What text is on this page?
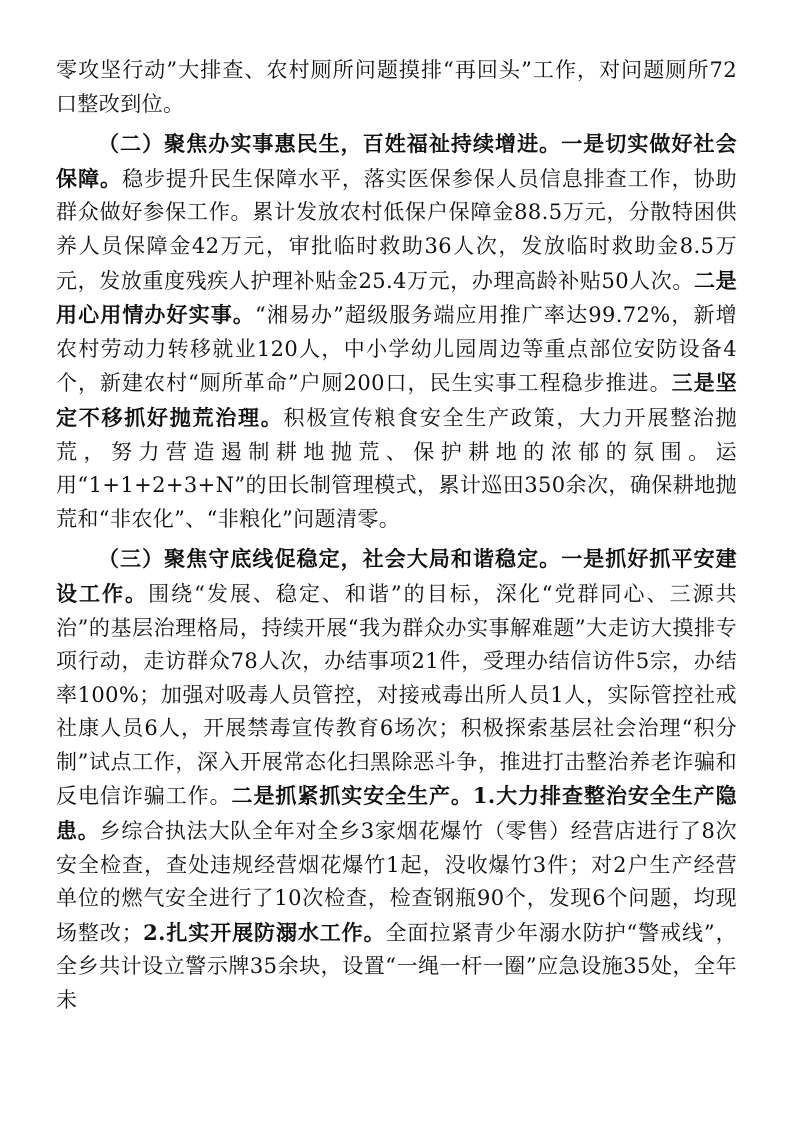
零攻坚行动”大排查、农村厕所问题摸排“再回头”工作，对问题厕所72口整改到位。

（二）聚焦办实事惠民生，百姓福祉持续增进。一是切实做好社会保障。稳步提升民生保障水平，落实医保参保人员信息排查工作，协助群众做好参保工作。累计发放农村低保户保障金88.5万元，分散特困供养人员保障金42万元，审批临时救助36人次，发放临时救助金8.5万元，发放重度残疾人护理补贴金25.4万元，办理高龄补贴50人次。二是用心用情办好实事。“湘易办”超级服务端应用推广率达99.72%，新增农村劳动力转移就业120人，中小学幼儿园周边等重点部位安防设备4个，新建农村“厕所革命”户厕200口，民生实事工程稳步推进。三是坚定不移抓好抛荒治理。积极宣传粮食安全生产政策，大力开展整治抛荒，努力营造遏制耕地抛荒、保护耕地的浓郁的氛围。运用“1+1+2+3+N”的田长制管理模式，累计巡田350余次，确保耕地抛荒和“非农化”、“非粮化”问题清零。

（三）聚焦守底线促稳定，社会大局和谐稳定。一是抓好抓平安建设工作。围绕“发展、稳定、和谐”的目标，深化“党群同心、三源共治”的基层治理格局，持续开展“我为群众办实事解难题”大走访大摸排专项行动，走访群众78人次，办结事项21件，受理办结信访件5宗，办结率100%；加强对吸毒人员管控，对接戒毒出所人员1人，实际管控社戒社康人员6人，开展禁毒宣传教育6场次；积极探索基层社会治理“积分制”试点工作，深入开展常态化扫黑除恶斗争，推进打击整治养老诈骗和反电信诈骗工作。二是抓紧抓实安全生产。1.大力排查整治安全生产隐患。乡综合执法大队全年对全乡3家烟花爆竹（零售）经营店进行了8次安全检查，查处违规经营烟花爆竹1起，没收爆竹3件；对2户生产经营单位的燃气安全进行了10次检查，检查钢瓶90个，发现6个问题，均现场整改；2.扎实开展防溺水工作。全面拉紧青少年溺水防护“警戒线”，全乡共计设立警示牌35余块，设置“一绳一杆一圈”应急设施35处，全年未
